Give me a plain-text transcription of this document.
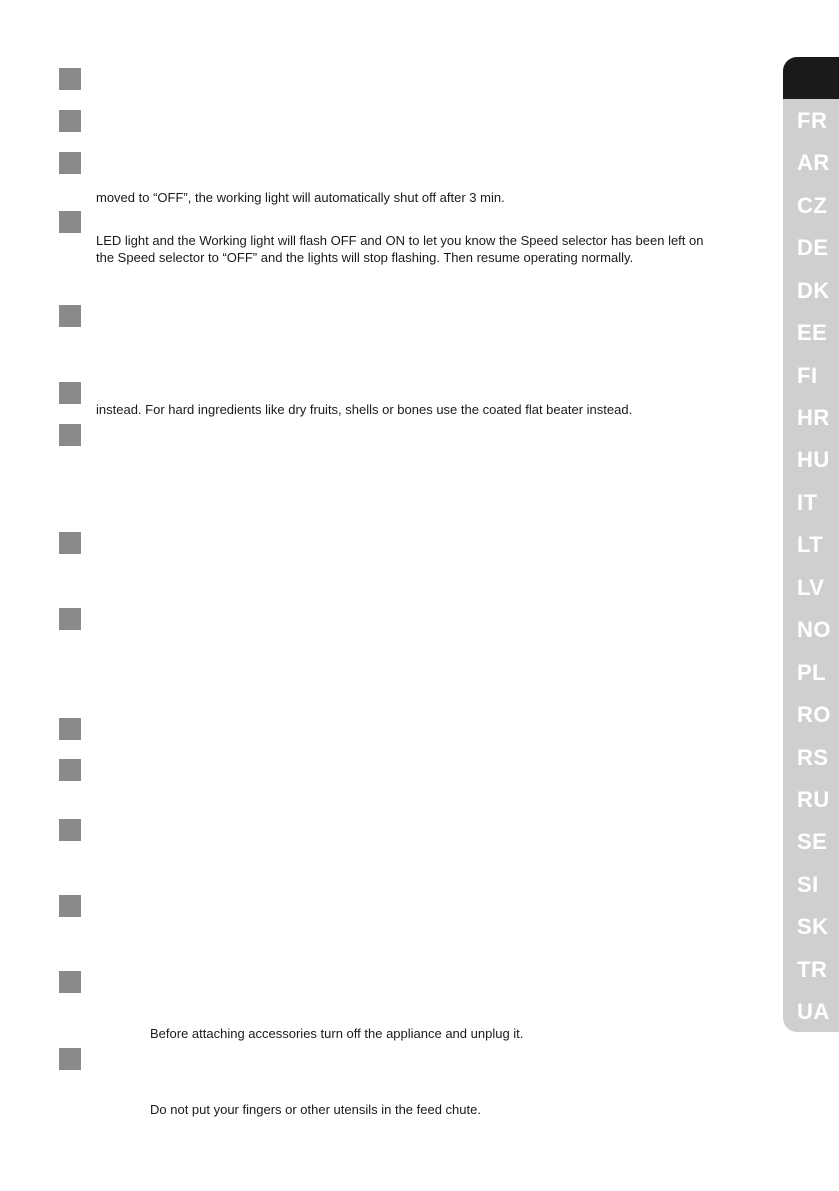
moved to “OFF”, the working light will automatically shut off after 3 min.
LED light and the Working light will flash OFF and ON to let you know the Speed selector has been left on
the Speed selector to “OFF” and the lights will stop flashing. Then resume operating normally.
instead. For hard ingredients like dry fruits, shells or bones use the coated flat beater instead.
Before attaching accessories turn off the appliance and unplug it.
Do not put your fingers or other utensils in the feed chute.
FR
AR
CZ
DE
DK
EE
FI
HR
HU
IT
LT
LV
NO
PL
RO
RS
RU
SE
SI
SK
TR
UA
